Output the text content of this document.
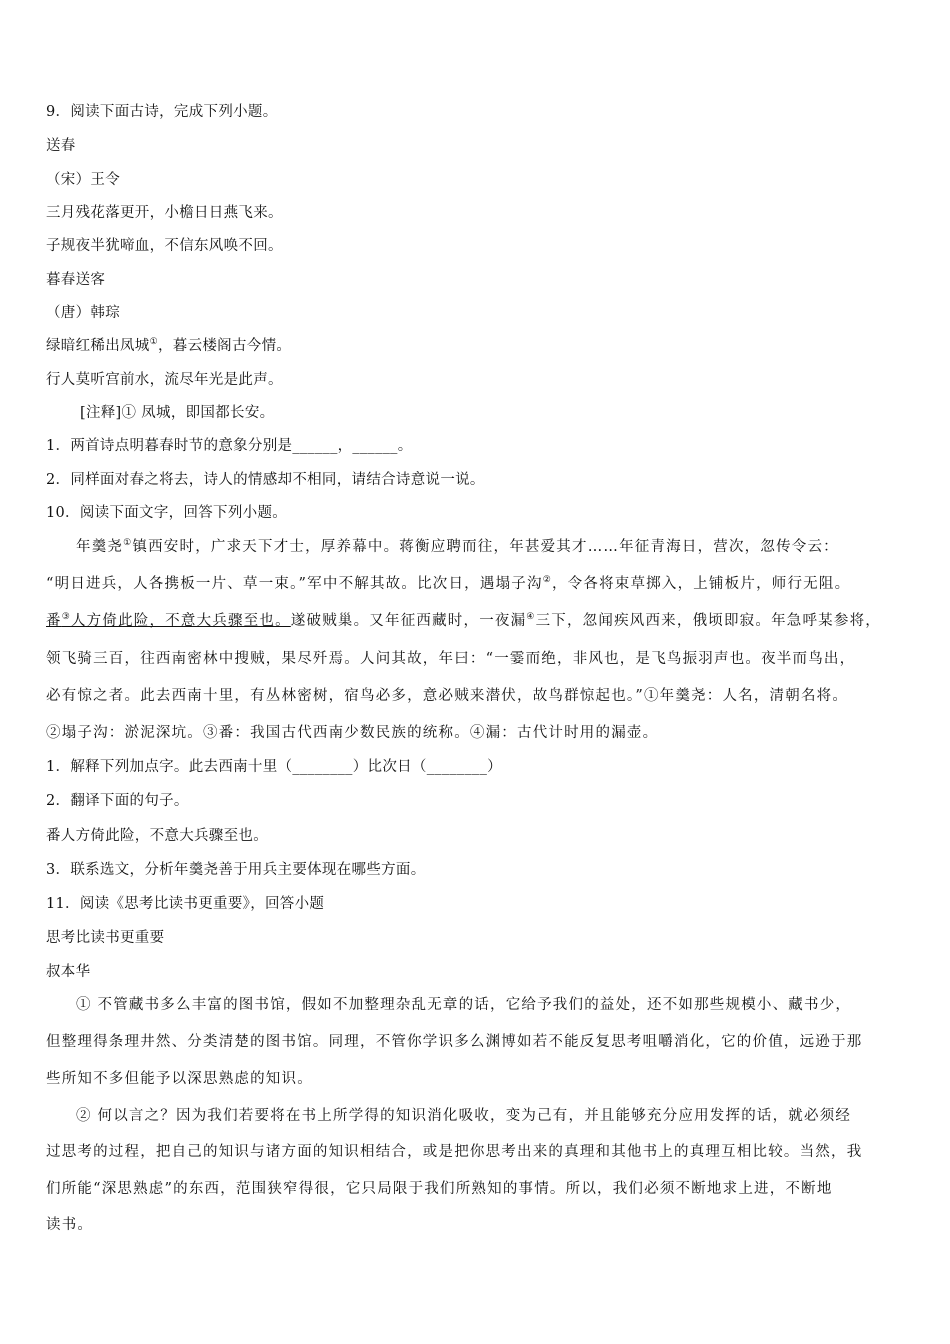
9．阅读下面古诗，完成下列小题。
送春
（宋）王令
三月残花落更开，小檐日日燕飞来。
子规夜半犹啼血，不信东风唤不回。
暮春送客
（唐）韩琮
绿暗红稀出凤城①，暮云楼阁古今情。
行人莫听宫前水，流尽年光是此声。
[注释]① 凤城，即国都长安。
1．两首诗点明暮春时节的意象分别是______，______。
2．同样面对春之将去，诗人的情感却不相同，请结合诗意说一说。
10．阅读下面文字，回答下列小题。
年羹尧①镇西安时，广求天下才士，厚养幕中。蒋衡应聘而往，年甚爱其才……年征青海日，营次，忽传令云：
“明日进兵，人各携板一片、草一束。”军中不解其故。比次日，遇塌子沟②，令各将束草掷入，上铺板片，师行无阻。
番③人方倚此险，不意大兵骤至也。遂破贼巢。又年征西藏时，一夜漏④三下，忽闻疾风西来，俄顷即寂。年急呼某参将，
领飞骑三百，往西南密林中搜贼，果尽歼焉。人问其故，年曰：“一霎而绝，非风也，是飞鸟振羽声也。夜半而鸟出，
必有惊之者。此去西南十里，有丛林密树，宿鸟必多，意必贼来潜伏，故鸟群惊起也。”①年羹尧：人名，清朝名将。
②塌子沟：淤泥深坑。③番：我国古代西南少数民族的统称。④漏：古代计时用的漏壶。
1．解释下列加点字。此去西南十里（________）比次日（________）
2．翻译下面的句子。
番人方倚此险，不意大兵骤至也。
3．联系选文，分析年羹尧善于用兵主要体现在哪些方面。
11．阅读《思考比读书更重要》，回答小题
思考比读书更重要
叔本华
① 不管藏书多么丰富的图书馆，假如不加整理杂乱无章的话，它给予我们的益处，还不如那些规模小、藏书少，
但整理得条理井然、分类清楚的图书馆。同理，不管你学识多么渊博如若不能反复思考咀嚼消化，它的价值，远逊于那
些所知不多但能予以深思熟虑的知识。
② 何以言之？因为我们若要将在书上所学得的知识消化吸收，变为己有，并且能够充分应用发挥的话，就必须经
过思考的过程，把自己的知识与诸方面的知识相结合，或是把你思考出来的真理和其他书上的真理互相比较。当然，我
们所能“深思熟虑”的东西，范围狭窄得很，它只局限于我们所熟知的事情。所以，我们必须不断地求上进，不断地
读书。
